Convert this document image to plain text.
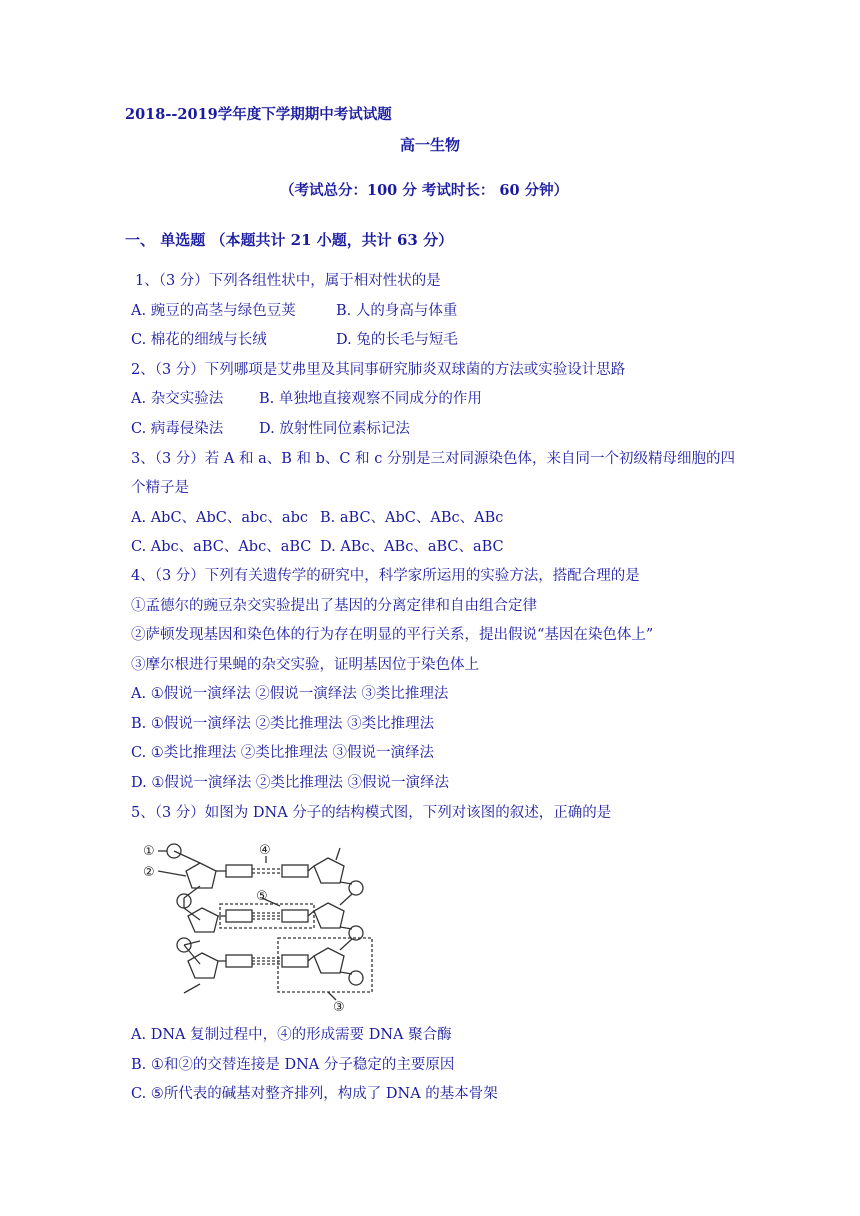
2018--2019学年度下学期期中考试试题
高一生物
（考试总分：100 分 考试时长： 60 分钟）
一、 单选题 （本题共计 21 小题，共计 63 分）
1、（3 分）下列各组性状中，属于相对性状的是
A. 豌豆的高茎与绿色豆荚	B. 人的身高与体重
C. 棉花的细绒与长绒	D. 兔的长毛与短毛
2、（3 分）下列哪项是艾弗里及其同事研究肺炎双球菌的方法或实验设计思路
A. 杂交实验法 B. 单独地直接观察不同成分的作用
C. 病毒侵染法 D. 放射性同位素标记法
3、（3 分）若 A 和 a、B 和 b、C 和 c 分别是三对同源染色体，来自同一个初级精母细胞的四
个精子是
A. AbC、AbC、abc、abc B. aBC、AbC、ABc、ABc
C. Abc、aBC、Abc、aBC D. ABc、ABc、aBC、aBC
4、（3 分）下列有关遗传学的研究中，科学家所运用的实验方法，搭配合理的是
①孟德尔的豌豆杂交实验提出了基因的分离定律和自由组合定律
②萨顿发现基因和染色体的行为存在明显的平行关系，提出假说“基因在染色体上”
③摩尔根进行果蝇的杂交实验，证明基因位于染色体上
A. ①假说一演绎法 ②假说一演绎法 ③类比推理法
B. ①假说一演绎法 ②类比推理法 ③类比推理法
C. ①类比推理法 ②类比推理法 ③假说一演绎法
D. ①假说一演绎法 ②类比推理法 ③假说一演绎法
5、（3 分）如图为 DNA 分子的结构模式图，下列对该图的叙述，正确的是
①
②
③
④
⑤
A. DNA 复制过程中，④的形成需要 DNA 聚合酶
B. ①和②的交替连接是 DNA 分子稳定的主要原因
C. ⑤所代表的碱基对整齐排列，构成了 DNA 的基本骨架
